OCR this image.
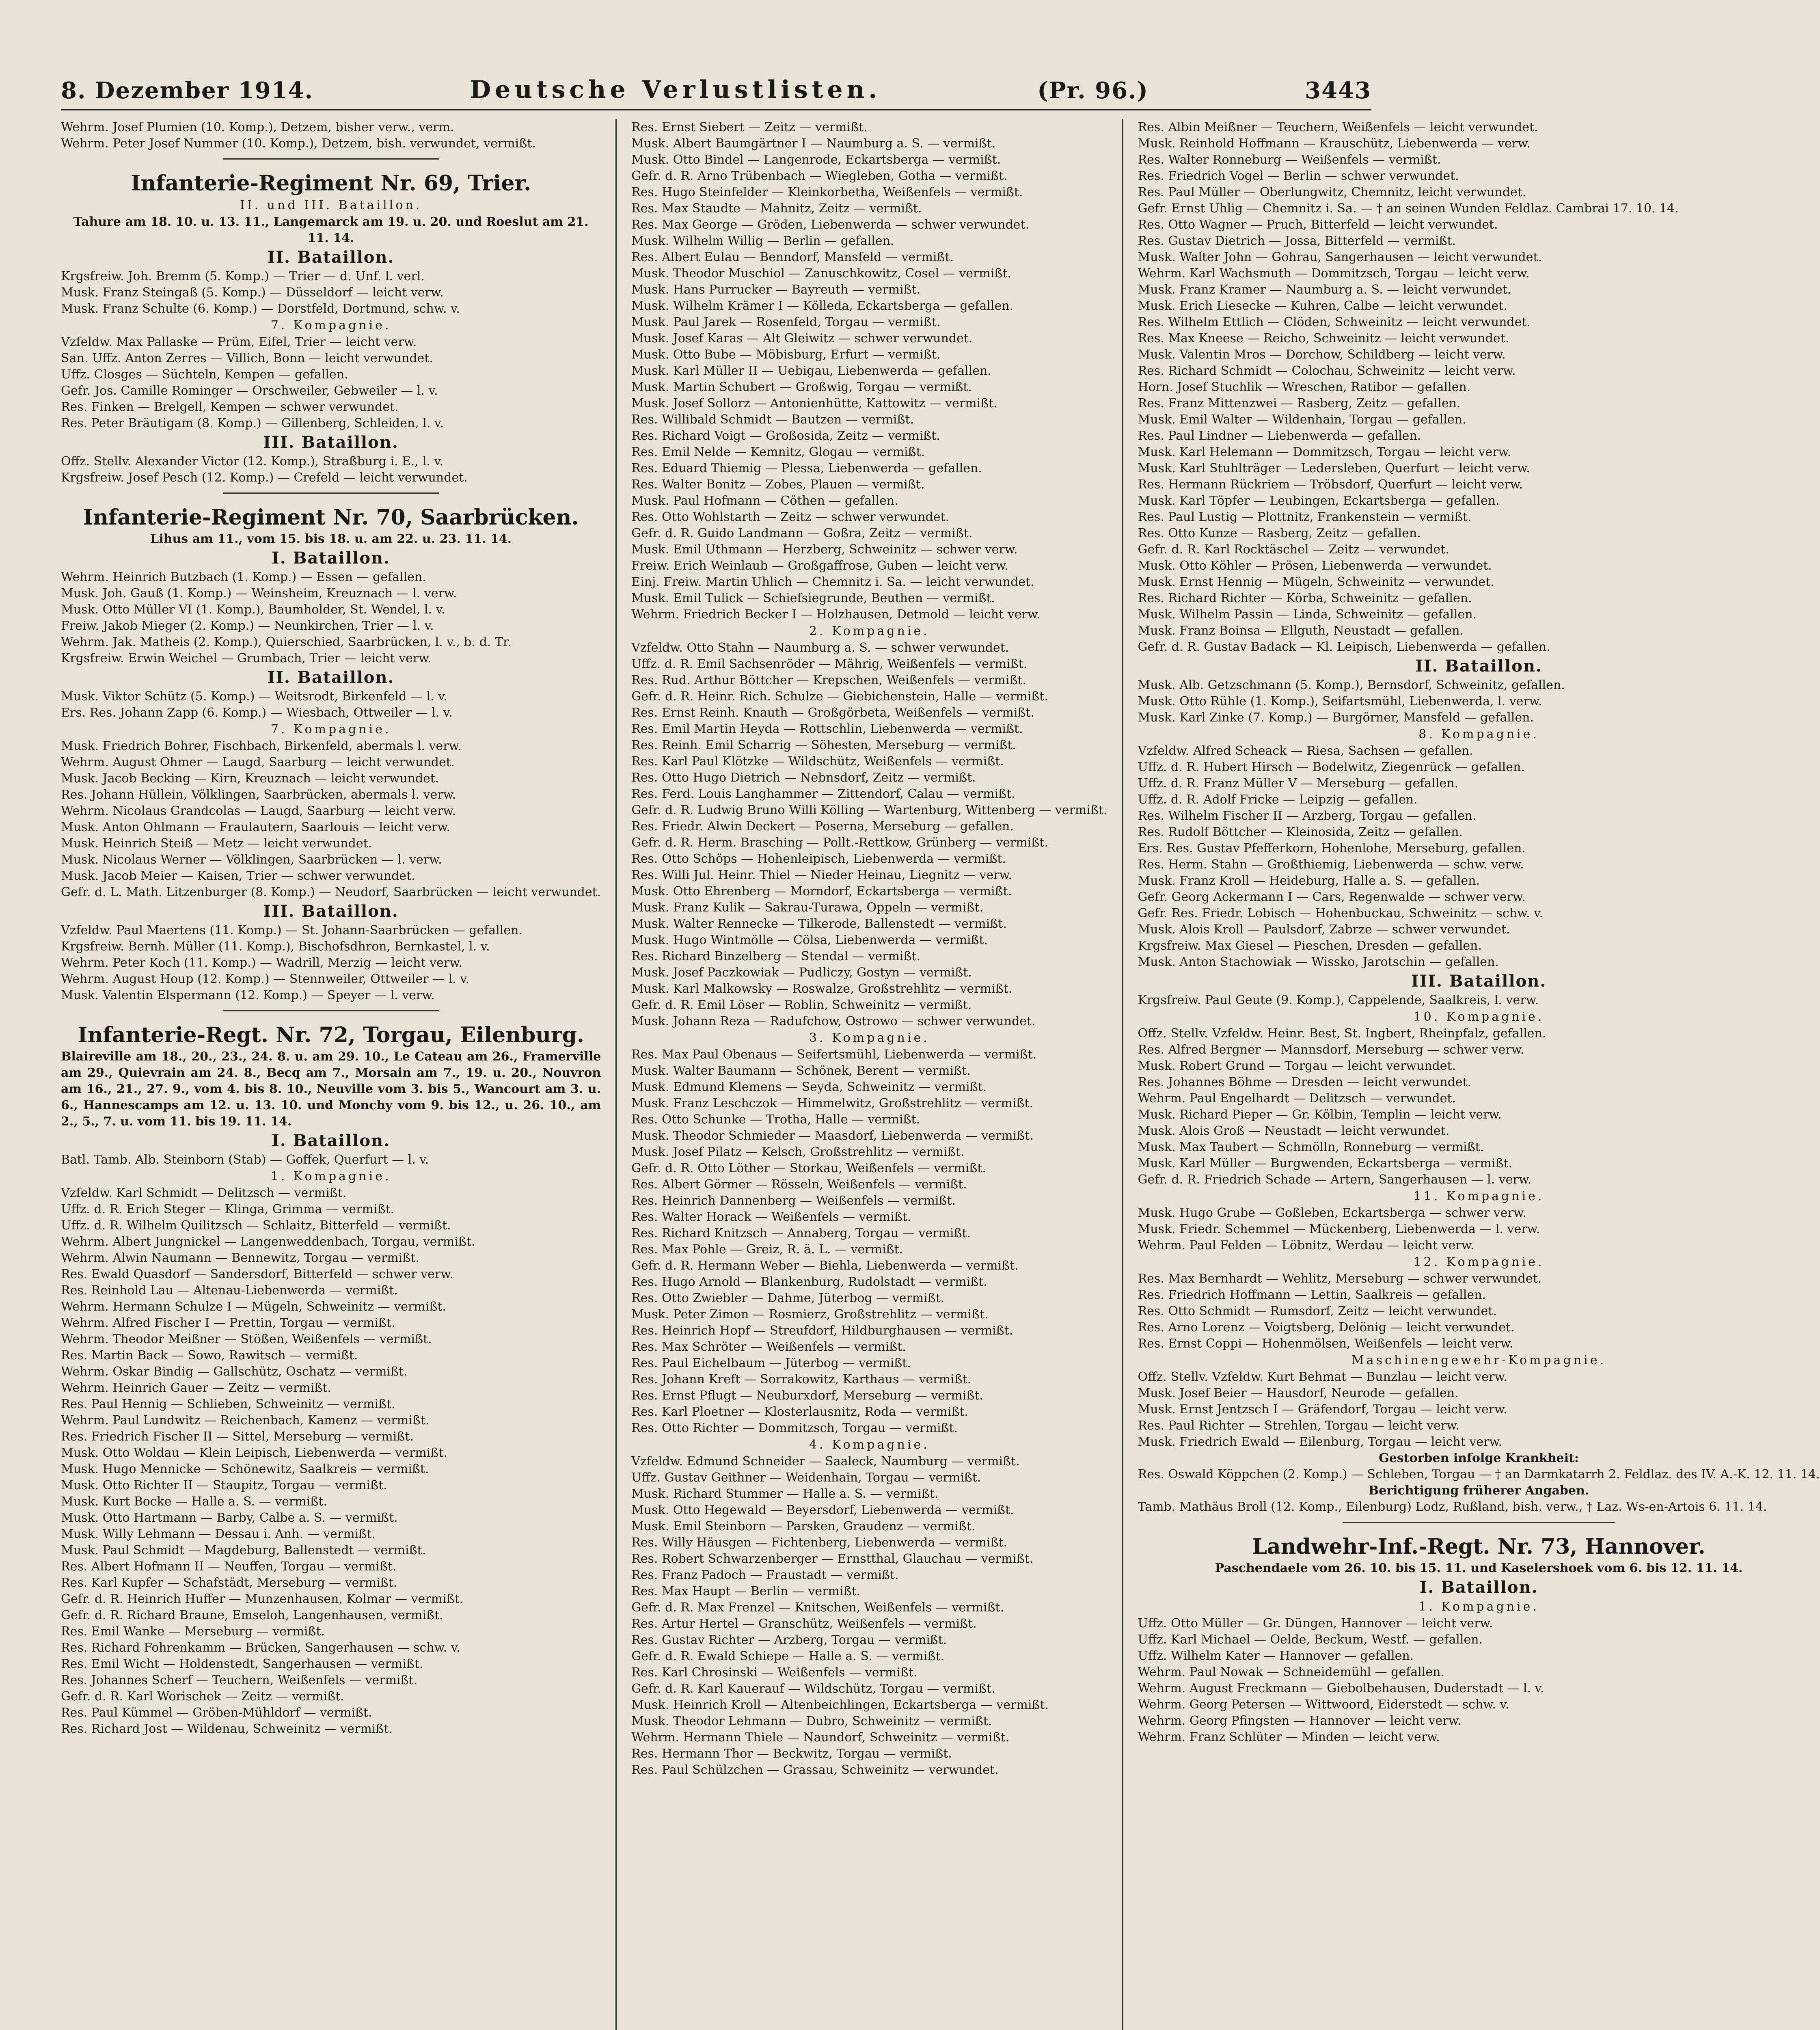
8. Dezember 1914.	Deutsche Verlustlisten.	(Pr. 96.)	3443
Wehrm. Josef Plumien (10. Komp.), Detzem, bisher verw., verm.
Wehrm. Peter Josef Nummer (10. Komp.), Detzem, bish. verwundet, vermißt.
Infanterie-Regiment Nr. 69, Trier.
II. und III. Bataillon.
Tahure am 18. 10. u. 13. 11., Langemarck am 19. u. 20. und Roeslut am 21. 11. 14.
II. Bataillon.
Krgsfreiw. Joh. Bremm (5. Komp.) — Trier — d. Unf. l. verl.
Musk. Franz Steingaß (5. Komp.) — Düsseldorf — leicht verw.
Musk. Franz Schulte (6. Komp.) — Dorstfeld, Dortmund, schw. v.
7. Kompagnie.
Vzfeldw. Max Pallaske — Prüm, Eifel, Trier — leicht verw.
San. Uffz. Anton Zerres — Villich, Bonn — leicht verwundet.
Uffz. Closges — Süchteln, Kempen — gefallen.
Gefr. Jos. Camille Rominger — Orschweiler, Gebweiler — l. v.
Res. Finken — Brelgell, Kempen — schwer verwundet.
Res. Peter Bräutigam (8. Komp.) — Gillenberg, Schleiden, l. v.
III. Bataillon.
Offz. Stellv. Alexander Victor (12. Komp.), Straßburg i. E., l. v.
Krgsfreiw. Josef Pesch (12. Komp.) — Crefeld — leicht verwundet.
Infanterie-Regiment Nr. 70, Saarbrücken.
Lihus am 11., vom 15. bis 18. u. am 22. u. 23. 11. 14.
I. Bataillon.
Wehrm. Heinrich Butzbach (1. Komp.) — Essen — gefallen.
Musk. Joh. Gauß (1. Komp.) — Weinsheim, Kreuznach — l. verw.
Musk. Otto Müller VI (1. Komp.), Baumholder, St. Wendel, l. v.
Freiw. Jakob Mieger (2. Komp.) — Neunkirchen, Trier — l. v.
Wehrm. Jak. Matheis (2. Komp.), Quierschied, Saarbrücken, l. v., b. d. Tr.
Krgsfreiw. Erwin Weichel — Grumbach, Trier — leicht verw.
II. Bataillon.
Musk. Viktor Schütz (5. Komp.) — Weitsrodt, Birkenfeld — l. v.
Ers. Res. Johann Zapp (6. Komp.) — Wiesbach, Ottweiler — l. v.
7. Kompagnie.
Musk. Friedrich Bohrer, Fischbach, Birkenfeld, abermals l. verw.
Wehrm. August Ohmer — Laugd, Saarburg — leicht verwundet.
Musk. Jacob Becking — Kirn, Kreuznach — leicht verwundet.
Res. Johann Hüllein, Völklingen, Saarbrücken, abermals l. verw.
Wehrm. Nicolaus Grandcolas — Laugd, Saarburg — leicht verw.
Musk. Anton Ohlmann — Fraulautern, Saarlouis — leicht verw.
Musk. Heinrich Steiß — Metz — leicht verwundet.
Musk. Nicolaus Werner — Völklingen, Saarbrücken — l. verw.
Musk. Jacob Meier — Kaisen, Trier — schwer verwundet.
Gefr. d. L. Math. Litzenburger (8. Komp.) — Neudorf, Saarbrücken — leicht verwundet.
III. Bataillon.
Vzfeldw. Paul Maertens (11. Komp.) — St. Johann-Saarbrücken — gefallen.
Krgsfreiw. Bernh. Müller (11. Komp.), Bischofsdhron, Bernkastel, l. v.
Wehrm. Peter Koch (11. Komp.) — Wadrill, Merzig — leicht verw.
Wehrm. August Houp (12. Komp.) — Stennweiler, Ottweiler — l. v.
Musk. Valentin Elspermann (12. Komp.) — Speyer — l. verw.
Infanterie-Regt. Nr. 72, Torgau, Eilenburg.
Blaireville am 18., 20., 23., 24. 8. u. am 29. 10., Le Cateau am 26., Framerville am 29., Quievrain am 24. 8., Becq am 7., Morsain am 7., 19. u. 20., Nouvron am 16., 21., 27. 9., vom 4. bis 8. 10., Neuville vom 3. bis 5., Wancourt am 3. u. 6., Hannescamps am 12. u. 13. 10. und Monchy vom 9. bis 12., u. 26. 10., am 2., 5., 7. u. vom 11. bis 19. 11. 14.
I. Bataillon.
Batl. Tamb. Alb. Steinborn (Stab) — Goffek, Querfurt — l. v.
1. Kompagnie.
Vzfeldw. Karl Schmidt — Delitzsch — vermißt.
Uffz. d. R. Erich Steger — Klinga, Grimma — vermißt.
Uffz. d. R. Wilhelm Quilitzsch — Schlaitz, Bitterfeld — vermißt.
Wehrm. Albert Jungnickel — Langenweddenbach, Torgau, vermißt.
Wehrm. Alwin Naumann — Bennewitz, Torgau — vermißt.
Res. Ewald Quasdorf — Sandersdorf, Bitterfeld — schwer verw.
Res. Reinhold Lau — Altenau-Liebenwerda — vermißt.
Wehrm. Hermann Schulze I — Mügeln, Schweinitz — vermißt.
Wehrm. Alfred Fischer I — Prettin, Torgau — vermißt.
Wehrm. Theodor Meißner — Stößen, Weißenfels — vermißt.
Res. Martin Back — Sowo, Rawitsch — vermißt.
Wehrm. Oskar Bindig — Gallschütz, Oschatz — vermißt.
Wehrm. Heinrich Gauer — Zeitz — vermißt.
Res. Paul Hennig — Schlieben, Schweinitz — vermißt.
Wehrm. Paul Lundwitz — Reichenbach, Kamenz — vermißt.
Res. Friedrich Fischer II — Sittel, Merseburg — vermißt.
Musk. Otto Woldau — Klein Leipisch, Liebenwerda — vermißt.
Musk. Hugo Mennicke — Schönewitz, Saalkreis — vermißt.
Musk. Otto Richter II — Staupitz, Torgau — vermißt.
Musk. Kurt Bocke — Halle a. S. — vermißt.
Musk. Otto Hartmann — Barby, Calbe a. S. — vermißt.
Musk. Willy Lehmann — Dessau i. Anh. — vermißt.
Musk. Paul Schmidt — Magdeburg, Ballenstedt — vermißt.
Res. Albert Hofmann II — Neuffen, Torgau — vermißt.
Res. Karl Kupfer — Schafstädt, Merseburg — vermißt.
Gefr. d. R. Heinrich Huffer — Munzenhausen, Kolmar — vermißt.
Gefr. d. R. Richard Braune, Emseloh, Langenhausen, vermißt.
Res. Emil Wanke — Merseburg — vermißt.
Res. Richard Fohrenkamm — Brücken, Sangerhausen — schw. v.
Res. Emil Wicht — Holdenstedt, Sangerhausen — vermißt.
Res. Johannes Scherf — Teuchern, Weißenfels — vermißt.
Gefr. d. R. Karl Worischek — Zeitz — vermißt.
Res. Paul Kümmel — Gröben-Mühldorf — vermißt.
Res. Richard Jost — Wildenau, Schweinitz — vermißt.
Res. Ernst Siebert — Zeitz — vermißt.
Musk. Albert Baumgärtner I — Naumburg a. S. — vermißt.
Musk. Otto Bindel — Langenrode, Eckartsberga — vermißt.
Gefr. d. R. Arno Trübenbach — Wiegleben, Gotha — vermißt.
Res. Hugo Steinfelder — Kleinkorbetha, Weißenfels — vermißt.
Res. Max Staudte — Mahnitz, Zeitz — vermißt.
Res. Max George — Gröden, Liebenwerda — schwer verwundet.
Musk. Wilhelm Willig — Berlin — gefallen.
Res. Albert Eulau — Benndorf, Mansfeld — vermißt.
Musk. Theodor Muschiol — Zanuschkowitz, Cosel — vermißt.
Musk. Hans Purrucker — Bayreuth — vermißt.
Musk. Wilhelm Krämer I — Kölleda, Eckartsberga — gefallen.
Musk. Paul Jarek — Rosenfeld, Torgau — vermißt.
Musk. Josef Karas — Alt Gleiwitz — schwer verwundet.
Musk. Otto Bube — Möbisburg, Erfurt — vermißt.
Musk. Karl Müller II — Uebigau, Liebenwerda — gefallen.
Musk. Martin Schubert — Großwig, Torgau — vermißt.
Musk. Josef Sollorz — Antonienhütte, Kattowitz — vermißt.
Res. Willibald Schmidt — Bautzen — vermißt.
Res. Richard Voigt — Großosida, Zeitz — vermißt.
Res. Emil Nelde — Kemnitz, Glogau — vermißt.
Res. Eduard Thiemig — Plessa, Liebenwerda — gefallen.
Res. Walter Bonitz — Zobes, Plauen — vermißt.
Musk. Paul Hofmann — Cöthen — gefallen.
Res. Otto Wohlstarth — Zeitz — schwer verwundet.
Gefr. d. R. Guido Landmann — Goßra, Zeitz — vermißt.
Musk. Emil Uthmann — Herzberg, Schweinitz — schwer verw.
Freiw. Erich Weinlaub — Großgaffrose, Guben — leicht verw.
Einj. Freiw. Martin Uhlich — Chemnitz i. Sa. — leicht verwundet.
Musk. Emil Tulick — Schiefsiegrunde, Beuthen — vermißt.
Wehrm. Friedrich Becker I — Holzhausen, Detmold — leicht verw.
2. Kompagnie.
Vzfeldw. Otto Stahn — Naumburg a. S. — schwer verwundet.
Uffz. d. R. Emil Sachsenröder — Mährig, Weißenfels — vermißt.
Res. Rud. Arthur Böttcher — Krepschen, Weißenfels — vermißt.
Gefr. d. R. Heinr. Rich. Schulze — Giebichenstein, Halle — vermißt.
Res. Ernst Reinh. Knauth — Großgörbeta, Weißenfels — vermißt.
Res. Emil Martin Heyda — Rottschlin, Liebenwerda — vermißt.
Res. Reinh. Emil Scharrig — Söhesten, Merseburg — vermißt.
Res. Karl Paul Klötzke — Wildschütz, Weißenfels — vermißt.
Res. Otto Hugo Dietrich — Nebnsdorf, Zeitz — vermißt.
Res. Ferd. Louis Langhammer — Zittendorf, Calau — vermißt.
Gefr. d. R. Ludwig Bruno Willi Kölling — Wartenburg, Wittenberg — vermißt.
Res. Friedr. Alwin Deckert — Poserna, Merseburg — gefallen.
Gefr. d. R. Herm. Brasching — Pollt.-Rettkow, Grünberg — vermißt.
Res. Otto Schöps — Hohenleipisch, Liebenwerda — vermißt.
Res. Willi Jul. Heinr. Thiel — Nieder Heinau, Liegnitz — verw.
Musk. Otto Ehrenberg — Morndorf, Eckartsberga — vermißt.
Musk. Franz Kulik — Sakrau-Turawa, Oppeln — vermißt.
Musk. Walter Rennecke — Tilkerode, Ballenstedt — vermißt.
Musk. Hugo Wintmölle — Cölsa, Liebenwerda — vermißt.
Res. Richard Binzelberg — Stendal — vermißt.
Musk. Josef Paczkowiak — Pudliczy, Gostyn — vermißt.
Musk. Karl Malkowsky — Roswalze, Großstrehlitz — vermißt.
Gefr. d. R. Emil Löser — Roblin, Schweinitz — vermißt.
Musk. Johann Reza — Radufchow, Ostrowo — schwer verwundet.
3. Kompagnie.
Res. Max Paul Obenaus — Seifertsmühl, Liebenwerda — vermißt.
Musk. Walter Baumann — Schönek, Berent — vermißt.
Musk. Edmund Klemens — Seyda, Schweinitz — vermißt.
Musk. Franz Leschczok — Himmelwitz, Großstrehlitz — vermißt.
Res. Otto Schunke — Trotha, Halle — vermißt.
Musk. Theodor Schmieder — Maasdorf, Liebenwerda — vermißt.
Musk. Josef Pilatz — Kelsch, Großstrehlitz — vermißt.
Gefr. d. R. Otto Löther — Storkau, Weißenfels — vermißt.
Res. Albert Görmer — Rösseln, Weißenfels — vermißt.
Res. Heinrich Dannenberg — Weißenfels — vermißt.
Res. Walter Horack — Weißenfels — vermißt.
Res. Richard Knitzsch — Annaberg, Torgau — vermißt.
Res. Max Pohle — Greiz, R. ä. L. — vermißt.
Gefr. d. R. Hermann Weber — Biehla, Liebenwerda — vermißt.
Res. Hugo Arnold — Blankenburg, Rudolstadt — vermißt.
Res. Otto Zwiebler — Dahme, Jüterbog — vermißt.
Musk. Peter Zimon — Rosmierz, Großstrehlitz — vermißt.
Res. Heinrich Hopf — Streufdorf, Hildburghausen — vermißt.
Res. Max Schröter — Weißenfels — vermißt.
Res. Paul Eichelbaum — Jüterbog — vermißt.
Res. Johann Kreft — Sorrakowitz, Karthaus — vermißt.
Res. Ernst Pflugt — Neuburxdorf, Merseburg — vermißt.
Res. Karl Ploetner — Klosterlausnitz, Roda — vermißt.
Res. Otto Richter — Dommitzsch, Torgau — vermißt.
4. Kompagnie.
Vzfeldw. Edmund Schneider — Saaleck, Naumburg — vermißt.
Uffz. Gustav Geithner — Weidenhain, Torgau — vermißt.
Musk. Richard Stummer — Halle a. S. — vermißt.
Musk. Otto Hegewald — Beyersdorf, Liebenwerda — vermißt.
Musk. Emil Steinborn — Parsken, Graudenz — vermißt.
Res. Willy Häusgen — Fichtenberg, Liebenwerda — vermißt.
Res. Robert Schwarzenberger — Ernstthal, Glauchau — vermißt.
Res. Franz Padoch — Fraustadt — vermißt.
Res. Max Haupt — Berlin — vermißt.
Gefr. d. R. Max Frenzel — Knitschen, Weißenfels — vermißt.
Res. Artur Hertel — Granschütz, Weißenfels — vermißt.
Res. Gustav Richter — Arzberg, Torgau — vermißt.
Gefr. d. R. Ewald Schiepe — Halle a. S. — vermißt.
Res. Karl Chrosinski — Weißenfels — vermißt.
Gefr. d. R. Karl Kauerauf — Wildschütz, Torgau — vermißt.
Musk. Heinrich Kroll — Altenbeichlingen, Eckartsberga — vermißt.
Musk. Theodor Lehmann — Dubro, Schweinitz — vermißt.
Wehrm. Hermann Thiele — Naundorf, Schweinitz — vermißt.
Res. Hermann Thor — Beckwitz, Torgau — vermißt.
Res. Paul Schülzchen — Grassau, Schweinitz — verwundet.
Res. Albin Meißner — Teuchern, Weißenfels — leicht verwundet.
Musk. Reinhold Hoffmann — Krauschütz, Liebenwerda — verw.
Res. Walter Ronneburg — Weißenfels — vermißt.
Res. Friedrich Vogel — Berlin — schwer verwundet.
Res. Paul Müller — Oberlungwitz, Chemnitz, leicht verwundet.
Gefr. Ernst Uhlig — Chemnitz i. Sa. — † an seinen Wunden Feldlaz. Cambrai 17. 10. 14.
Res. Otto Wagner — Pruch, Bitterfeld — leicht verwundet.
Res. Gustav Dietrich — Jossa, Bitterfeld — vermißt.
Musk. Walter John — Gohrau, Sangerhausen — leicht verwundet.
Wehrm. Karl Wachsmuth — Dommitzsch, Torgau — leicht verw.
Musk. Franz Kramer — Naumburg a. S. — leicht verwundet.
Musk. Erich Liesecke — Kuhren, Calbe — leicht verwundet.
Res. Wilhelm Ettlich — Clöden, Schweinitz — leicht verwundet.
Res. Max Kneese — Reicho, Schweinitz — leicht verwundet.
Musk. Valentin Mros — Dorchow, Schildberg — leicht verw.
Res. Richard Schmidt — Colochau, Schweinitz — leicht verw.
Horn. Josef Stuchlik — Wreschen, Ratibor — gefallen.
Res. Franz Mittenzwei — Rasberg, Zeitz — gefallen.
Musk. Emil Walter — Wildenhain, Torgau — gefallen.
Res. Paul Lindner — Liebenwerda — gefallen.
Musk. Karl Helemann — Dommitzsch, Torgau — leicht verw.
Musk. Karl Stuhlträger — Ledersleben, Querfurt — leicht verw.
Res. Hermann Rückriem — Tröbsdorf, Querfurt — leicht verw.
Musk. Karl Töpfer — Leubingen, Eckartsberga — gefallen.
Res. Paul Lustig — Plottnitz, Frankenstein — vermißt.
Res. Otto Kunze — Rasberg, Zeitz — gefallen.
Gefr. d. R. Karl Rocktäschel — Zeitz — verwundet.
Musk. Otto Köhler — Prösen, Liebenwerda — verwundet.
Musk. Ernst Hennig — Mügeln, Schweinitz — verwundet.
Res. Richard Richter — Körba, Schweinitz — gefallen.
Musk. Wilhelm Passin — Linda, Schweinitz — gefallen.
Musk. Franz Boinsa — Ellguth, Neustadt — gefallen.
Gefr. d. R. Gustav Badack — Kl. Leipisch, Liebenwerda — gefallen.
II. Bataillon.
Musk. Alb. Getzschmann (5. Komp.), Bernsdorf, Schweinitz, gefallen.
Musk. Otto Rühle (1. Komp.), Seifartsmühl, Liebenwerda, l. verw.
Musk. Karl Zinke (7. Komp.) — Burgörner, Mansfeld — gefallen.
8. Kompagnie.
Vzfeldw. Alfred Scheack — Riesa, Sachsen — gefallen.
Uffz. d. R. Hubert Hirsch — Bodelwitz, Ziegenrück — gefallen.
Uffz. d. R. Franz Müller V — Merseburg — gefallen.
Uffz. d. R. Adolf Fricke — Leipzig — gefallen.
Res. Wilhelm Fischer II — Arzberg, Torgau — gefallen.
Res. Rudolf Böttcher — Kleinosida, Zeitz — gefallen.
Ers. Res. Gustav Pfefferkorn, Hohenlohe, Merseburg, gefallen.
Res. Herm. Stahn — Großthiemig, Liebenwerda — schw. verw.
Musk. Franz Kroll — Heideburg, Halle a. S. — gefallen.
Gefr. Georg Ackermann I — Cars, Regenwalde — schwer verw.
Gefr. Res. Friedr. Lobisch — Hohenbuckau, Schweinitz — schw. v.
Musk. Alois Kroll — Paulsdorf, Zabrze — schwer verwundet.
Krgsfreiw. Max Giesel — Pieschen, Dresden — gefallen.
Musk. Anton Stachowiak — Wissko, Jarotschin — gefallen.
III. Bataillon.
Krgsfreiw. Paul Geute (9. Komp.), Cappelende, Saalkreis, l. verw.
10. Kompagnie.
Offz. Stellv. Vzfeldw. Heinr. Best, St. Ingbert, Rheinpfalz, gefallen.
Res. Alfred Bergner — Mannsdorf, Merseburg — schwer verw.
Musk. Robert Grund — Torgau — leicht verwundet.
Res. Johannes Böhme — Dresden — leicht verwundet.
Wehrm. Paul Engelhardt — Delitzsch — verwundet.
Musk. Richard Pieper — Gr. Kölbin, Templin — leicht verw.
Musk. Alois Groß — Neustadt — leicht verwundet.
Musk. Max Taubert — Schmölln, Ronneburg — vermißt.
Musk. Karl Müller — Burgwenden, Eckartsberga — vermißt.
Gefr. d. R. Friedrich Schade — Artern, Sangerhausen — l. verw.
11. Kompagnie.
Musk. Hugo Grube — Goßleben, Eckartsberga — schwer verw.
Musk. Friedr. Schemmel — Mückenberg, Liebenwerda — l. verw.
Wehrm. Paul Felden — Löbnitz, Werdau — leicht verw.
12. Kompagnie.
Res. Max Bernhardt — Wehlitz, Merseburg — schwer verwundet.
Res. Friedrich Hoffmann — Lettin, Saalkreis — gefallen.
Res. Otto Schmidt — Rumsdorf, Zeitz — leicht verwundet.
Res. Arno Lorenz — Voigtsberg, Delönig — leicht verwundet.
Res. Ernst Coppi — Hohenmölsen, Weißenfels — leicht verw.
Maschinengewehr-Kompagnie.
Offz. Stellv. Vzfeldw. Kurt Behmat — Bunzlau — leicht verw.
Musk. Josef Beier — Hausdorf, Neurode — gefallen.
Musk. Ernst Jentzsch I — Gräfendorf, Torgau — leicht verw.
Res. Paul Richter — Strehlen, Torgau — leicht verw.
Musk. Friedrich Ewald — Eilenburg, Torgau — leicht verw.
Gestorben infolge Krankheit:
Res. Oswald Köppchen (2. Komp.) — Schleben, Torgau — † an Darmkatarrh 2. Feldlaz. des IV. A.-K. 12. 11. 14.
Berichtigung früherer Angaben.
Tamb. Mathäus Broll (12. Komp., Eilenburg) Lodz, Rußland, bish. verw., † Laz. Ws-en-Artois 6. 11. 14.
Landwehr-Inf.-Regt. Nr. 73, Hannover.
Paschendaele vom 26. 10. bis 15. 11. und Kaselershoek vom 6. bis 12. 11. 14.
I. Bataillon.
1. Kompagnie.
Uffz. Otto Müller — Gr. Düngen, Hannover — leicht verw.
Uffz. Karl Michael — Oelde, Beckum, Westf. — gefallen.
Uffz. Wilhelm Kater — Hannover — gefallen.
Wehrm. Paul Nowak — Schneidemühl — gefallen.
Wehrm. August Freckmann — Giebolbehausen, Duderstadt — l. v.
Wehrm. Georg Petersen — Wittwoord, Eiderstedt — schw. v.
Wehrm. Georg Pfingsten — Hannover — leicht verw.
Wehrm. Franz Schlüter — Minden — leicht verw.
